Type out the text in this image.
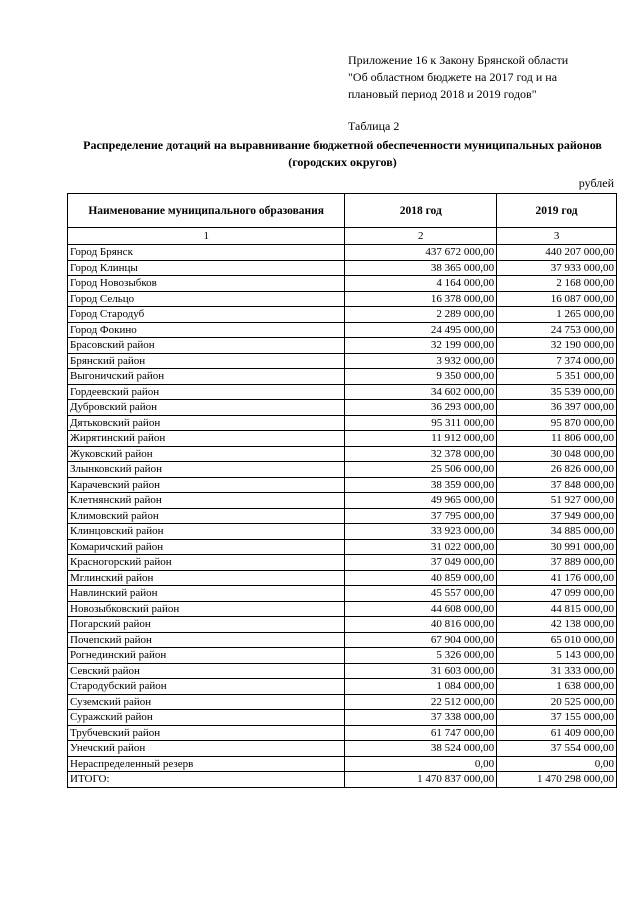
Приложение 16 к Закону Брянской области
"Об областном бюджете на 2017 год и на
плановый период 2018 и 2019 годов"
Таблица 2
Распределение дотаций на выравнивание бюджетной обеспеченности муниципальных районов (городских округов)
рублей
Наименование муниципального образования	2018 год	2019 год
1	2	3
Город Брянск	437 672 000,00	440 207 000,00
Город Клинцы	38 365 000,00	37 933 000,00
Город Новозыбков	4 164 000,00	2 168 000,00
Город Сельцо	16 378 000,00	16 087 000,00
Город Стародуб	2 289 000,00	1 265 000,00
Город Фокино	24 495 000,00	24 753 000,00
Брасовский район	32 199 000,00	32 190 000,00
Брянский район	3 932 000,00	7 374 000,00
Выгоничский район	9 350 000,00	5 351 000,00
Гордеевский район	34 602 000,00	35 539 000,00
Дубровский район	36 293 000,00	36 397 000,00
Дятьковский район	95 311 000,00	95 870 000,00
Жирятинский район	11 912 000,00	11 806 000,00
Жуковский район	32 378 000,00	30 048 000,00
Злынковский район	25 506 000,00	26 826 000,00
Карачевский район	38 359 000,00	37 848 000,00
Клетнянский район	49 965 000,00	51 927 000,00
Климовский район	37 795 000,00	37 949 000,00
Клинцовский район	33 923 000,00	34 885 000,00
Комаричский район	31 022 000,00	30 991 000,00
Красногорский район	37 049 000,00	37 889 000,00
Мглинский район	40 859 000,00	41 176 000,00
Навлинский район	45 557 000,00	47 099 000,00
Новозыбковский район	44 608 000,00	44 815 000,00
Погарский район	40 816 000,00	42 138 000,00
Почепский район	67 904 000,00	65 010 000,00
Рогнединский район	5 326 000,00	5 143 000,00
Севский район	31 603 000,00	31 333 000,00
Стародубский район	1 084 000,00	1 638 000,00
Суземский район	22 512 000,00	20 525 000,00
Суражский район	37 338 000,00	37 155 000,00
Трубчевский район	61 747 000,00	61 409 000,00
Унечский район	38 524 000,00	37 554 000,00
Нераспределенный резерв	0,00	0,00
ИТОГО:	1 470 837 000,00	1 470 298 000,00
